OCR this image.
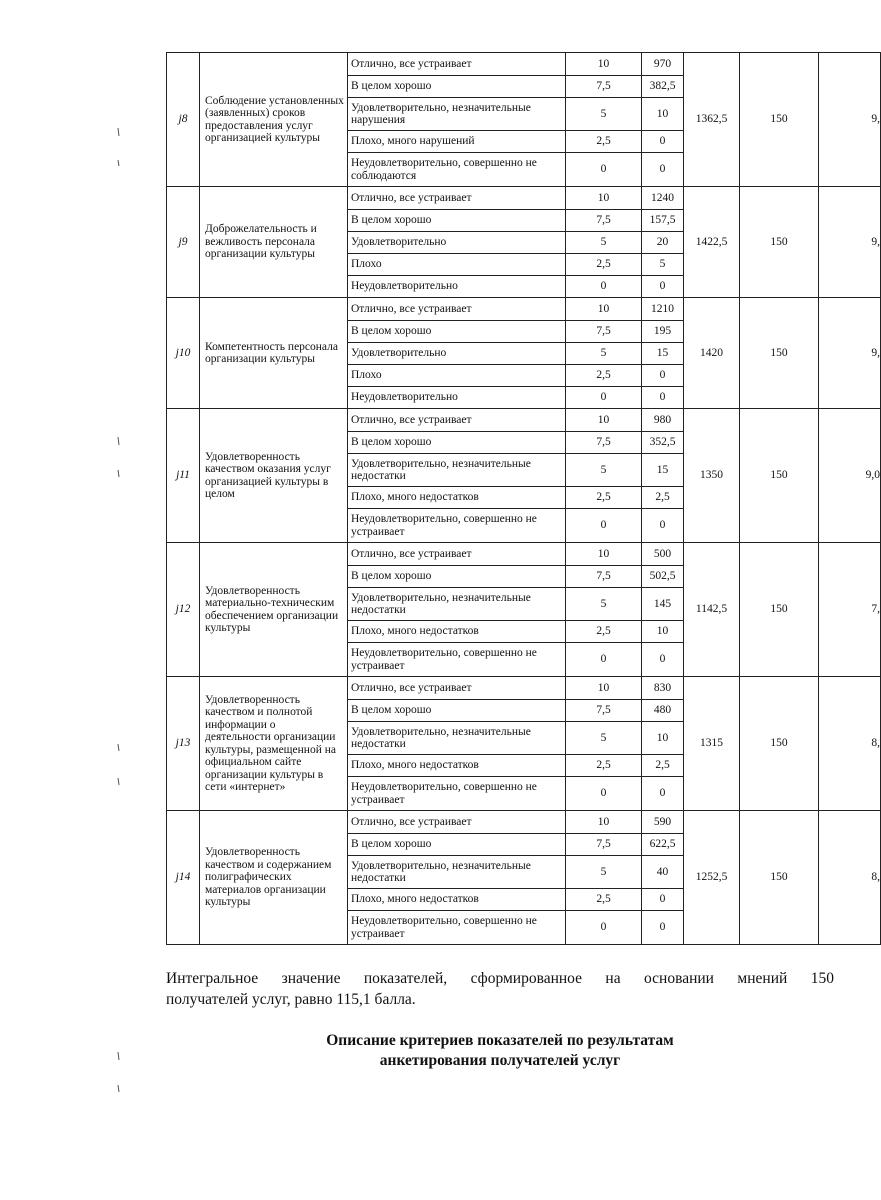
j8	Соблюдение установленных (заявленных) сроков предоставления услуг организацией культуры	Отлично, все устраивает	10	970	1362,5	150	9,
		В целом хорошо	7,5	382,5			
		Удовлетворительно, незначительные нарушения	5	10			
		Плохо, много нарушений	2,5	0			
		Неудовлетворительно, совершенно не соблюдаются	0	0			
j9	Доброжелательность и вежливость персонала организации культуры	Отлично, все устраивает	10	1240	1422,5	150	9,
		В целом хорошо	7,5	157,5			
		Удовлетворительно	5	20			
		Плохо	2,5	5			
		Неудовлетворительно	0	0			
j10	Компетентность персонала организации культуры	Отлично, все устраивает	10	1210	1420	150	9,
		В целом хорошо	7,5	195			
		Удовлетворительно	5	15			
		Плохо	2,5	0			
		Неудовлетворительно	0	0			
j11	Удовлетворенность качеством оказания услуг организацией культуры в целом	Отлично, все устраивает	10	980	1350	150	9,0
		В целом хорошо	7,5	352,5			
		Удовлетворительно, незначительные недостатки	5	15			
		Плохо, много недостатков	2,5	2,5			
		Неудовлетворительно, совершенно не устраивает	0	0			
j12	Удовлетворенность материально-техническим обеспечением организации культуры	Отлично, все устраивает	10	500	1142,5	150	7,
		В целом хорошо	7,5	502,5			
		Удовлетворительно, незначительные недостатки	5	145			
		Плохо, много недостатков	2,5	10			
		Неудовлетворительно, совершенно не устраивает	0	0			
j13	Удовлетворенность качеством и полнотой информации о деятельности организации культуры, размещенной на официальном сайте организации культуры в сети «интернет»	Отлично, все устраивает	10	830	1315	150	8,
		В целом хорошо	7,5	480			
		Удовлетворительно, незначительные недостатки	5	10			
		Плохо, много недостатков	2,5	2,5			
		Неудовлетворительно, совершенно не устраивает	0	0			
j14	Удовлетворенность качеством и содержанием полиграфических материалов организации культуры	Отлично, все устраивает	10	590	1252,5	150	8,
		В целом хорошо	7,5	622,5			
		Удовлетворительно, незначительные недостатки	5	40			
		Плохо, много недостатков	2,5	0			
		Неудовлетворительно, совершенно не устраивает	0	0			
Интегральное значение показателей, сформированное на основании мнений 150
получателей услуг, равно 115,1 балла.
Описание критериев показателей по результатам
анкетирования получателей услуг
